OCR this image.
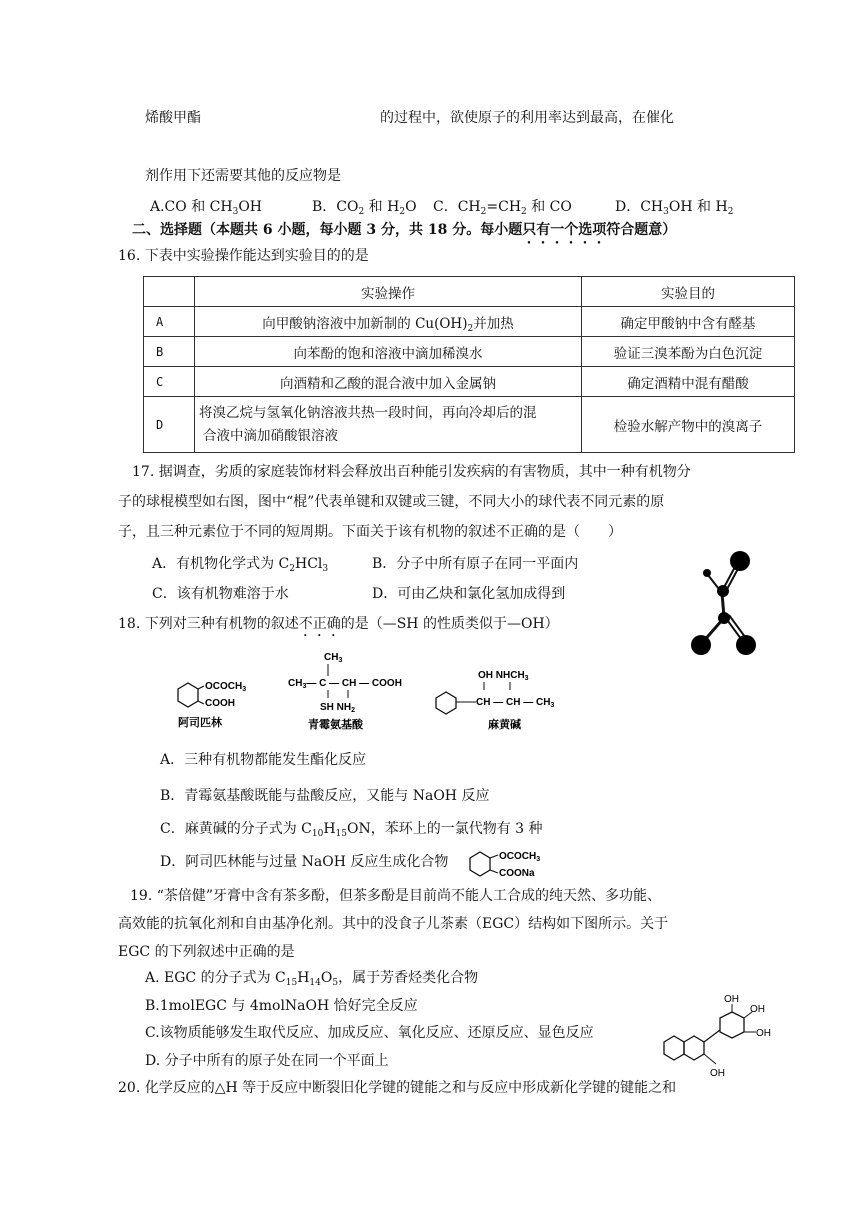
烯酸甲酯	的过程中，欲使原子的利用率达到最高，在催化
剂作用下还需要其他的反应物是
A.CO 和 $CH_3OH$	B．$CO_2$ 和 $H_2O$ C．$CH_2=CH_2$ 和 CO	D．$CH_3OH$ 和 $H_2$
二、选择题（本题共 6 小题，每小题 3 分，共 18 分。每小题只有一个选项符合题意）
16. 下表中实验操作能达到实验目的的是
	实验操作	实验目的
A	向甲酸钠溶液中加新制的 $Cu(OH)_2$并加热	确定甲酸钠中含有醛基
B	向苯酚的饱和溶液中滴加稀溴水	验证三溴苯酚为白色沉淀
C	向酒精和乙酸的混合液中加入金属钠	确定酒精中混有醋酸
D	将溴乙烷与氢氧化钠溶液共热一段时间，再向冷却后的混
合液中滴加硝酸银溶液	检验水解产物中的溴离子
17. 据调查，劣质的家庭装饰材料会释放出百种能引发疾病的有害物质，其中一种有机物分
子的球棍模型如右图，图中“棍”代表单键和双键或三键，不同大小的球代表不同元素的原
子，且三种元素位于不同的短周期。下面关于该有机物的叙述不正确的是（　　）
A．有机物化学式为 $C_2HCl_3$	B．分子中所有原子在同一平面内
C．该有机物难溶于水	D．可由乙炔和氯化氢加成得到
18. 下列对三种有机物的叙述不正确的是（—SH 的性质类似于—OH）
$OCOCH_3$
COOH
阿司匹林
$CH_3$
$CH_3—$ C — CH — COOH
SH $NH_2$
青霉氨基酸
OH $NHCH_3$
CH — CH — $CH_3$
麻黄碱
A．三种有机物都能发生酯化反应
B．青霉氨基酸既能与盐酸反应，又能与 NaOH 反应
C．麻黄碱的分子式为 $C_{10}H_{15}ON$，苯环上的一氯代物有 3 种
D．阿司匹林能与过量 NaOH 反应生成化合物	$OCOCH_3$
COONa
19. “茶倍健”牙膏中含有茶多酚，但茶多酚是目前尚不能人工合成的纯天然、多功能、
高效能的抗氧化剂和自由基净化剂。其中的没食子儿茶素（EGC）结构如下图所示。关于
EGC 的下列叙述中正确的是
A. EGC 的分子式为 $C_{15}H_{14}O_5$，属于芳香烃类化合物
B.1molEGC 与 4molNaOH 恰好完全反应
C.该物质能够发生取代反应、加成反应、氧化反应、还原反应、显色反应
D. 分子中所有的原子处在同一个平面上
OH
OH
OH
OH
20. 化学反应的△H 等于反应中断裂旧化学键的键能之和与反应中形成新化学键的键能之和
